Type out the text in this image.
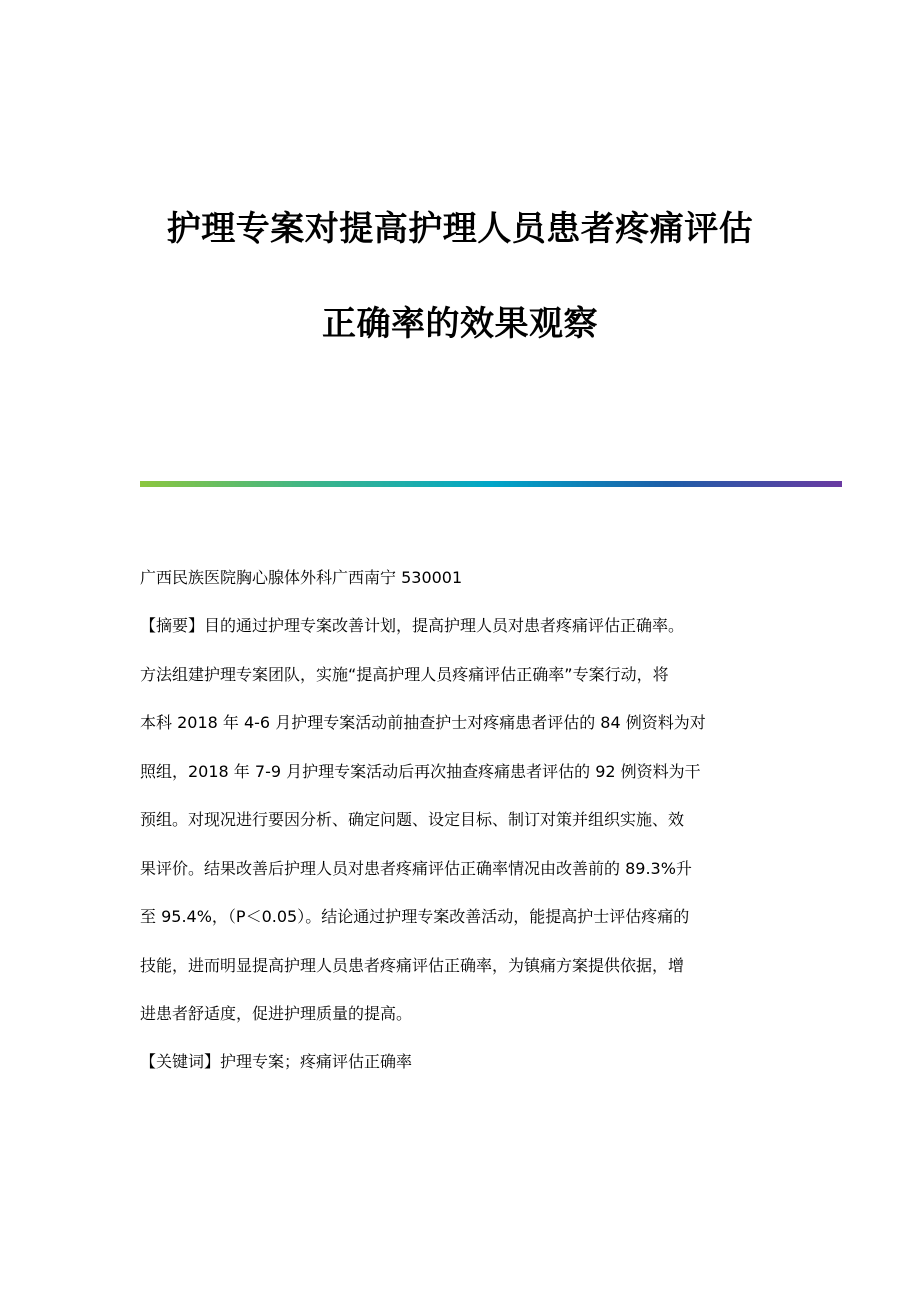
护理专案对提高护理人员患者疼痛评估
正确率的效果观察
广西民族医院胸心腺体外科广西南宁 530001
【摘要】目的通过护理专案改善计划，提高护理人员对患者疼痛评估正确率。
方法组建护理专案团队，实施“提高护理人员疼痛评估正确率”专案行动，将
本科 2018 年 4-6 月护理专案活动前抽查护士对疼痛患者评估的 84 例资料为对
照组，2018 年 7-9 月护理专案活动后再次抽查疼痛患者评估的 92 例资料为干
预组。对现况进行要因分析、确定问题、设定目标、制订对策并组织实施、效
果评价。结果改善后护理人员对患者疼痛评估正确率情况由改善前的 89.3%升
至 95.4%，（P＜0.05）。结论通过护理专案改善活动，能提高护士评估疼痛的
技能，进而明显提高护理人员患者疼痛评估正确率，为镇痛方案提供依据，增
进患者舒适度，促进护理质量的提高。
【关键词】护理专案；疼痛评估正确率
